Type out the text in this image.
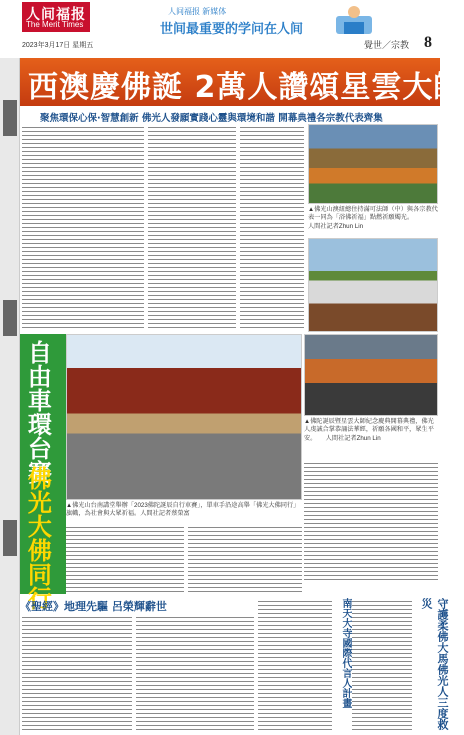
人间福报
The Merit Times
2023年3月17日 星期五
人间福报 新媒体
世间最重要的学问在人间
覺世／宗教 8
西澳慶佛誕 2萬人讚頌星雲大師
聚焦環保心保·智慧創新 佛光人發願實踐心靈與環境和諧 開幕典禮各宗教代表齊集
▲佛光山澳紐總住持滿可法師（中）與各宗教代表一同為「浴佛祈福」點燃祈願燭光。　　　　人間社記者Zhun Lin
自由車環台賽
佛光大佛同行
▲佛陀誕辰暨星雲大師紀念慶典開幕典禮，佛光人虔誠合掌恭誦法華經，祈願各國和平，眾生平安。　　人間社記者Zhun Lin
▲佛光山台南講堂舉辦「2023佛陀誕辰自行車賽」，單車手沿途高舉「佛光大佛同行」旗幟，為社會與大眾祈福。人間社記者蔡榮富
《聖經》地理先驅 呂榮輝辭世	南天大寺國際代言人計畫	守護柔佛大馬佛光人三度救災
